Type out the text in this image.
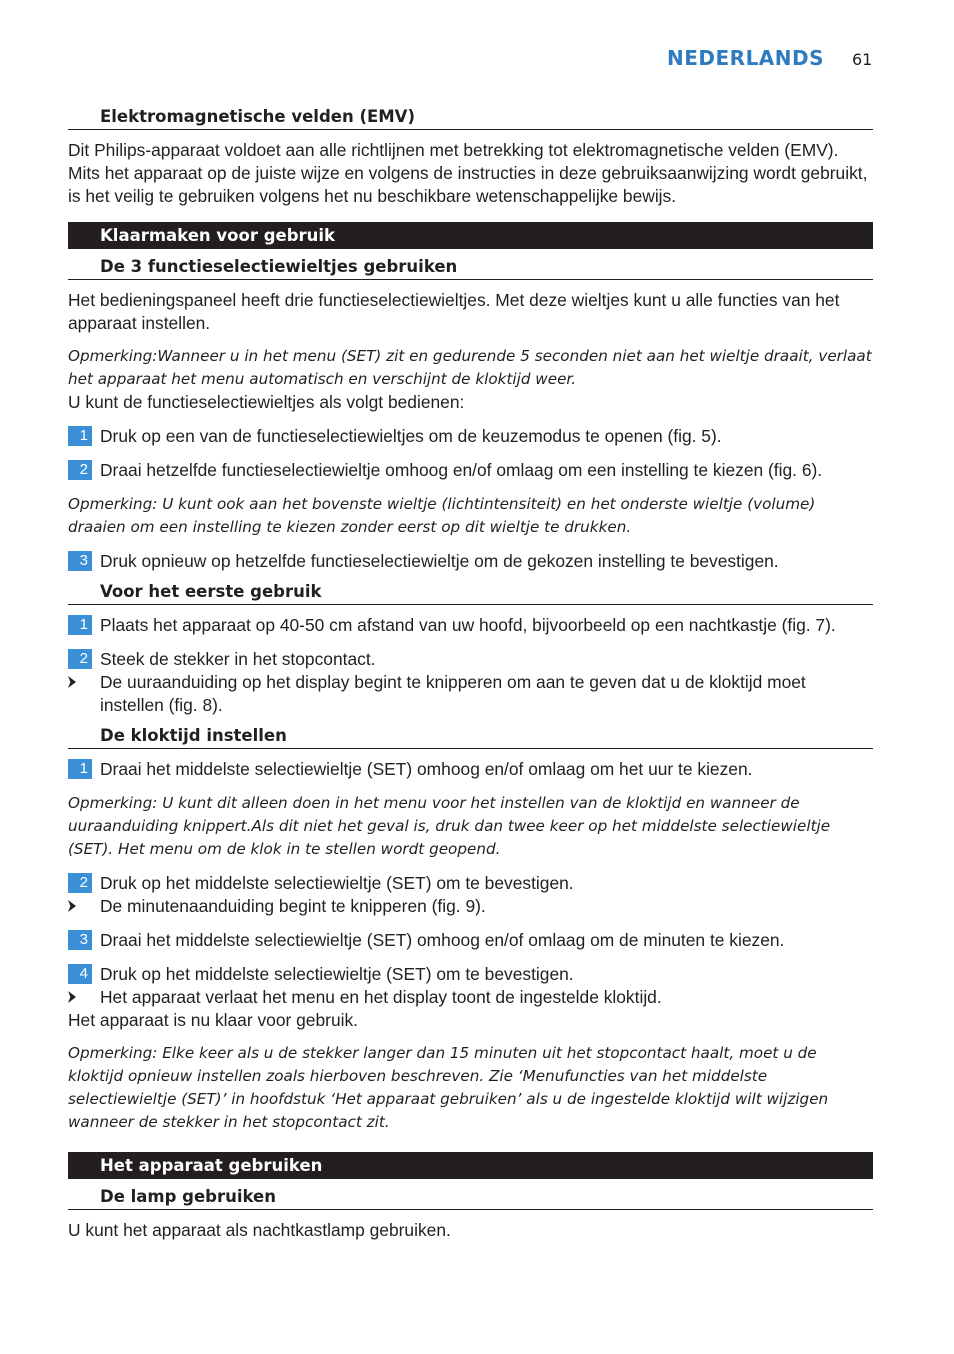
NEDERLANDS 61
Elektromagnetische velden (EMV)

Dit Philips-apparaat voldoet aan alle richtlijnen met betrekking tot elektromagnetische velden (EMV). Mits het apparaat op de juiste wijze en volgens de instructies in deze gebruiksaanwijzing wordt gebruikt, is het veilig te gebruiken volgens het nu beschikbare wetenschappelijke bewijs.

Klaarmaken voor gebruik
De 3 functieselectiewieltjes gebruiken

Het bedieningspaneel heeft drie functieselectiewieltjes. Met deze wieltjes kunt u alle functies van het apparaat instellen.

Opmerking:Wanneer u in het menu (SET) zit en gedurende 5 seconden niet aan het wieltje draait, verlaat het apparaat het menu automatisch en verschijnt de kloktijd weer.

U kunt de functieselectiewieltjes als volgt bedienen:

1 Druk op een van de functieselectiewieltjes om de keuzemodus te openen (fig. 5).
2 Draai hetzelfde functieselectiewieltje omhoog en/of omlaag om een instelling te kiezen (fig. 6).

Opmerking: U kunt ook aan het bovenste wieltje (lichtintensiteit) en het onderste wieltje (volume) draaien om een instelling te kiezen zonder eerst op dit wieltje te drukken.

3 Druk opnieuw op hetzelfde functieselectiewieltje om de gekozen instelling te bevestigen.
Voor het eerste gebruik
1 Plaats het apparaat op 40-50 cm afstand van uw hoofd, bijvoorbeeld op een nachtkastje (fig. 7).
2 Steek de stekker in het stopcontact.
De uuraanduiding op het display begint te knipperen om aan te geven dat u de kloktijd moet instellen (fig. 8).
De kloktijd instellen
1 Draai het middelste selectiewieltje (SET) omhoog en/of omlaag om het uur te kiezen.

Opmerking: U kunt dit alleen doen in het menu voor het instellen van de kloktijd en wanneer de uuraanduiding knippert.Als dit niet het geval is, druk dan twee keer op het middelste selectiewieltje (SET). Het menu om de klok in te stellen wordt geopend.

2 Druk op het middelste selectiewieltje (SET) om te bevestigen.
De minutenaanduiding begint te knipperen (fig. 9).
3 Draai het middelste selectiewieltje (SET) omhoog en/of omlaag om de minuten te kiezen.
4 Druk op het middelste selectiewieltje (SET) om te bevestigen.
Het apparaat verlaat het menu en het display toont de ingestelde kloktijd.

Het apparaat is nu klaar voor gebruik.

Opmerking: Elke keer als u de stekker langer dan 15 minuten uit het stopcontact haalt, moet u de kloktijd opnieuw instellen zoals hierboven beschreven. Zie ‘Menufuncties van het middelste selectiewieltje (SET)’ in hoofdstuk ‘Het apparaat gebruiken’ als u de ingestelde kloktijd wilt wijzigen wanneer de stekker in het stopcontact zit.

Het apparaat gebruiken
De lamp gebruiken

U kunt het apparaat als nachtkastlamp gebruiken.
